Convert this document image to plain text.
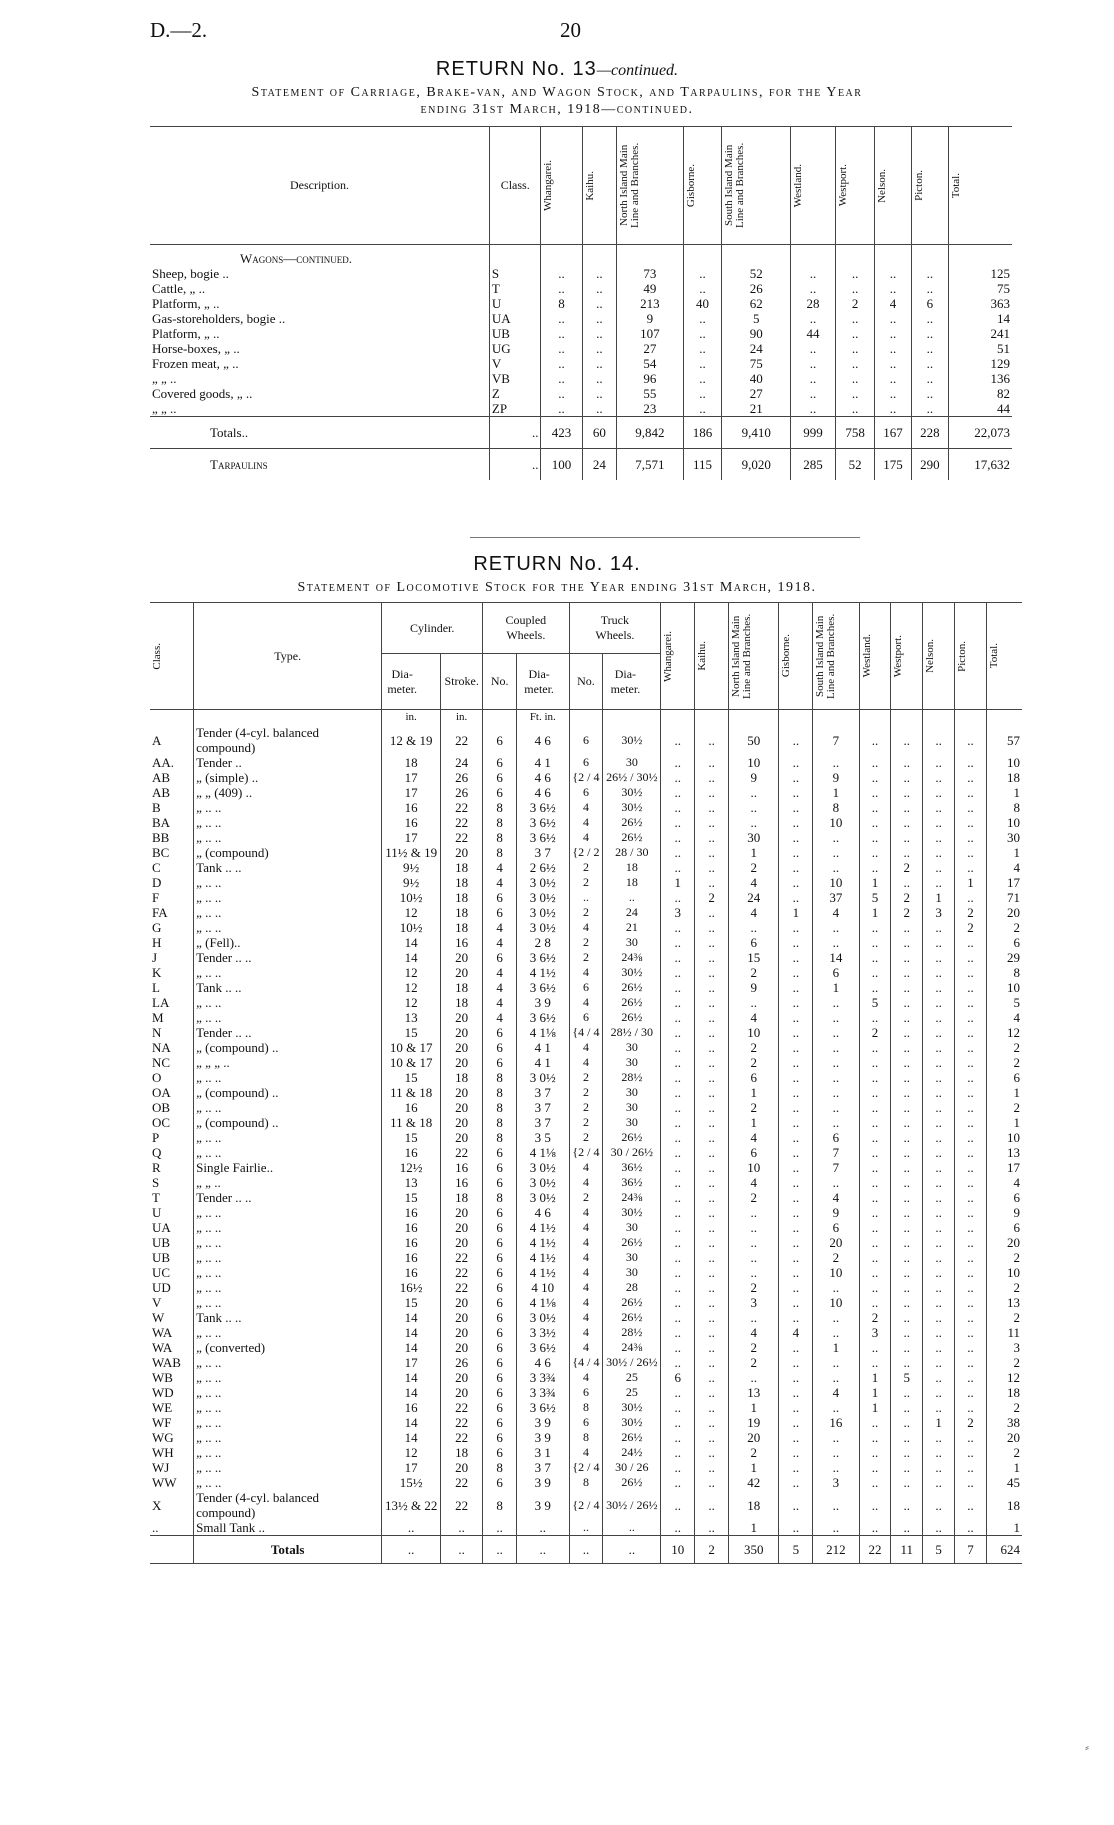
D.—2.	20
RETURN No. 13—continued.
Statement of Carriage, Brake-van, and Wagon Stock, and Tarpaulins, for the Year
ending 31st March, 1918—continued.
Description.	Class.	Whangarei.	Kaihu.	North Island Main Line and Branches.	Gisborne.	South Island Main Line and Branches.	Westland.	Westport.	Nelson.	Picton.	Total.

Wagons—continued.											
Sheep, bogie ..	S	..	..	73	..	52	..	..	..	..	125
Cattle, „ ..	T	..	..	49	..	26	..	..	..	..	75
Platform, „ ..	U	8	..	213	40	62	28	2	4	6	363
Gas-storeholders, bogie ..	UA	..	..	9	..	5	..	..	..	..	14
Platform, „ ..	UB	..	..	107	..	90	44	..	..	..	241
Horse-boxes, „ ..	UG	..	..	27	..	24	..	..	..	..	51
Frozen meat, „ ..	V	..	..	54	..	75	..	..	..	..	129
„ „ ..	VB	..	..	96	..	40	..	..	..	..	136
Covered goods, „ ..	Z	..	..	55	..	27	..	..	..	..	82
„ „ ..	ZP	..	..	23	..	21	..	..	..	..	44
Totals..	..	423	60	9,842	186	9,410	999	758	167	228	22,073
Tarpaulins	..	100	24	7,571	115	9,020	285	52	175	290	17,632
RETURN No. 14.
Statement of Locomotive Stock for the Year ending 31st March, 1918.
Class.	Type.	Cylinder.		Coupled Wheels.		Truck Wheels.		Whangarei.	Kaihu.	North Island Main Line and Branches.	Gisborne.	South Island Main Line and Branches.	Westland.	Westport.	Nelson.	Picton.	Total.

		Dia-meter.	Stroke.	No.	Dia-meter.	No.	Dia-meter.										

		in.	in.		Ft. in.												
A	Tender (4-cyl. balanced compound)	12 & 19	22	6	4 6	6	30½	..	..	50	..	7	..	..	..	..	57
AA.	Tender ..	18	24	6	4 1	6	30	..	..	10	..	..	..	..	..	..	10
AB	„ (simple) ..	17	26	6	4 6	{2 / 4	26½ / 30½	..	..	9	..	9	..	..	..	..	18
AB	„ „ (409) ..	17	26	6	4 6	6	30½	..	..	..	..	1	..	..	..	..	1
B	„ .. ..	16	22	8	3 6½	4	30½	..	..	..	..	8	..	..	..	..	8
BA	„ .. ..	16	22	8	3 6½	4	26½	..	..	..	..	10	..	..	..	..	10
BB	„ .. ..	17	22	8	3 6½	4	26½	..	..	30	..	..	..	..	..	..	30
BC	„ (compound)	11½ & 19	20	8	3 7	{2 / 2	28 / 30	..	..	1	..	..	..	..	..	..	1
C	Tank .. ..	9½	18	4	2 6½	2	18	..	..	2	..	..	..	2	..	..	4
D	„ .. ..	9½	18	4	3 0½	2	18	1	..	4	..	10	1	..	..	1	17
F	„ .. ..	10½	18	6	3 0½	..	..	..	2	24	..	37	5	2	1	..	71
FA	„ .. ..	12	18	6	3 0½	2	24	3	..	4	1	4	1	2	3	2	20
G	„ .. ..	10½	18	4	3 0½	4	21	..	..	..	..	..	..	..	..	2	2
H	„ (Fell)..	14	16	4	2 8	2	30	..	..	6	..	..	..	..	..	..	6
J	Tender .. ..	14	20	6	3 6½	2	24⅜	..	..	15	..	14	..	..	..	..	29
K	„ .. ..	12	20	4	4 1½	4	30½	..	..	2	..	6	..	..	..	..	8
L	Tank .. ..	12	18	4	3 6½	6	26½	..	..	9	..	1	..	..	..	..	10
LA	„ .. ..	12	18	4	3 9	4	26½	..	..	..	..	..	5	..	..	..	5
M	„ .. ..	13	20	4	3 6½	6	26½	..	..	4	..	..	..	..	..	..	4
N	Tender .. ..	15	20	6	4 1⅛	{4 / 4	28½ / 30	..	..	10	..	..	2	..	..	..	12
NA	„ (compound) ..	10 & 17	20	6	4 1	4	30	..	..	2	..	..	..	..	..	..	2
NC	„ „ „ ..	10 & 17	20	6	4 1	4	30	..	..	2	..	..	..	..	..	..	2
O	„ .. ..	15	18	8	3 0½	2	28½	..	..	6	..	..	..	..	..	..	6
OA	„ (compound) ..	11 & 18	20	8	3 7	2	30	..	..	1	..	..	..	..	..	..	1
OB	„ .. ..	16	20	8	3 7	2	30	..	..	2	..	..	..	..	..	..	2
OC	„ (compound) ..	11 & 18	20	8	3 7	2	30	..	..	1	..	..	..	..	..	..	1
P	„ .. ..	15	20	8	3 5	2	26½	..	..	4	..	6	..	..	..	..	10
Q	„ .. ..	16	22	6	4 1⅛	{2 / 4	30 / 26½	..	..	6	..	7	..	..	..	..	13
R	Single Fairlie..	12½	16	6	3 0½	4	36½	..	..	10	..	7	..	..	..	..	17
S	„ „ ..	13	16	6	3 0½	4	36½	..	..	4	..	..	..	..	..	..	4
T	Tender .. ..	15	18	8	3 0½	2	24⅜	..	..	2	..	4	..	..	..	..	6
U	„ .. ..	16	20	6	4 6	4	30½	..	..	..	..	9	..	..	..	..	9
UA	„ .. ..	16	20	6	4 1½	4	30	..	..	..	..	6	..	..	..	..	6
UB	„ .. ..	16	20	6	4 1½	4	26½	..	..	..	..	20	..	..	..	..	20
UB	„ .. ..	16	22	6	4 1½	4	30	..	..	..	..	2	..	..	..	..	2
UC	„ .. ..	16	22	6	4 1½	4	30	..	..	..	..	10	..	..	..	..	10
UD	„ .. ..	16½	22	6	4 10	4	28	..	..	2	..	..	..	..	..	..	2
V	„ .. ..	15	20	6	4 1⅛	4	26½	..	..	3	..	10	..	..	..	..	13
W	Tank .. ..	14	20	6	3 0½	4	26½	..	..	..	..	..	2	..	..	..	2
WA	„ .. ..	14	20	6	3 3½	4	28½	..	..	4	4	..	3	..	..	..	11
WA	„ (converted)	14	20	6	3 6½	4	24⅜	..	..	2	..	1	..	..	..	..	3
WAB	„ .. ..	17	26	6	4 6	{4 / 4	30½ / 26½	..	..	2	..	..	..	..	..	..	2
WB	„ .. ..	14	20	6	3 3¾	4	25	6	..	..	..	..	1	5	..	..	12
WD	„ .. ..	14	20	6	3 3¾	6	25	..	..	13	..	4	1	..	..	..	18
WE	„ .. ..	16	22	6	3 6½	8	30½	..	..	1	..	..	1	..	..	..	2
WF	„ .. ..	14	22	6	3 9	6	30½	..	..	19	..	16	..	..	1	2	38
WG	„ .. ..	14	22	6	3 9	8	26½	..	..	20	..	..	..	..	..	..	20
WH	„ .. ..	12	18	6	3 1	4	24½	..	..	2	..	..	..	..	..	..	2
WJ	„ .. ..	17	20	8	3 7	{2 / 4	30 / 26	..	..	1	..	..	..	..	..	..	1
WW	„ .. ..	15½	22	6	3 9	8	26½	..	..	42	..	3	..	..	..	..	45
X	Tender (4-cyl. balanced compound)	13½ & 22	22	8	3 9	{2 / 4	30½ / 26½	..	..	18	..	..	..	..	..	..	18
..	Small Tank ..	..	..	..	..	..	..	..	..	1	..	..	..	..	..	..	1
	Totals	..	..	..	..	..	..	10	2	350	5	212	22	11	5	7	624
⸗
